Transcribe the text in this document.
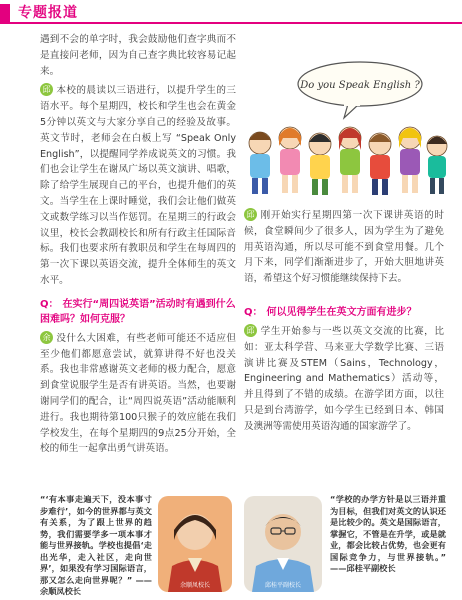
专题报道

遇到不会的单字时，我会鼓励他们查字典而不是直接问老师，因为自己查字典比较容易记起来。

邱 本校的晨读以三语进行，以提升学生的三语水平。每个星期四，校长和学生也会在黄金5分钟以英文与大家分享自己的经验及故事。英文节时，老师会在白板上写 “Speak Only English”，以提醒同学养成说英文的习惯。我们也会让学生在谢凤广场以英文演讲、唱歌，除了给学生展现自己的平台，也提升他们的英文。当学生在上课时睡觉，我们会让他们做英文或数学练习以当作惩罚。在星期三的行政会议里，校长会教副校长和所有行政主任国际音标。我们也要求所有教职员和学生在每周四的第一次下课以英语交流，提升全体师生的英文水平。

Q： 在实行“周四说英语”活动时有遇到什么困难吗？如何克服？

余 没什么大困难，有些老师可能还不适应但至少他们都愿意尝试，就算讲得不好也没关系。我也非常感谢英文老师的极力配合，愿意到食堂说服学生是否有讲英语。当然，也要谢谢同学们的配合，让“周四说英语”活动能顺利进行。我也期待第100只猴子的效应能在我们学校发生，在每个星期四的9点25分开始，全校的师生一起拿出勇气讲英语。

Do you Speak English ?

邱 刚开始实行星期四第一次下课讲英语的时候，食堂瞬间少了很多人，因为学生为了避免用英语沟通，所以尽可能不到食堂用餐。几个月下来，同学们渐渐进步了，开始大胆地讲英语，希望这个好习惯能继续保持下去。

Q： 何以见得学生在英文方面有进步？

邱 学生开始参与一些以英文交流的比赛，比如：亚太科学营、马来亚大学数学比赛、三语演讲比赛及STEM（Sains，Technology，Engineering and Mathematics）活动等，并且得到了不错的成绩。在游学团方面，以往只是到台湾游学，如今学生已经到日本、韩国及澳洲等需使用英语沟通的国家游学了。

“‘有本事走遍天下，没本事寸步难行’，如今的世界都与英文有关系，为了跟上世界的趋势，我们需要学多一项本事才能与世界接轨。学校也提倡‘走出光华，走入社区，走向世界’，如果没有学习国际语言，那又怎么走向世界呢？” ——余顺凤校长
余顺凤校长	邱桂平副校长
“学校的办学方针是以三语并重为目标，但我们对英文的认识还是比较少的。英文是国际语言，掌握它，不管是在升学，或是就业，都会比较占优势，也会更有国际竞争力，与世界接轨。” ——邱桂平副校长
